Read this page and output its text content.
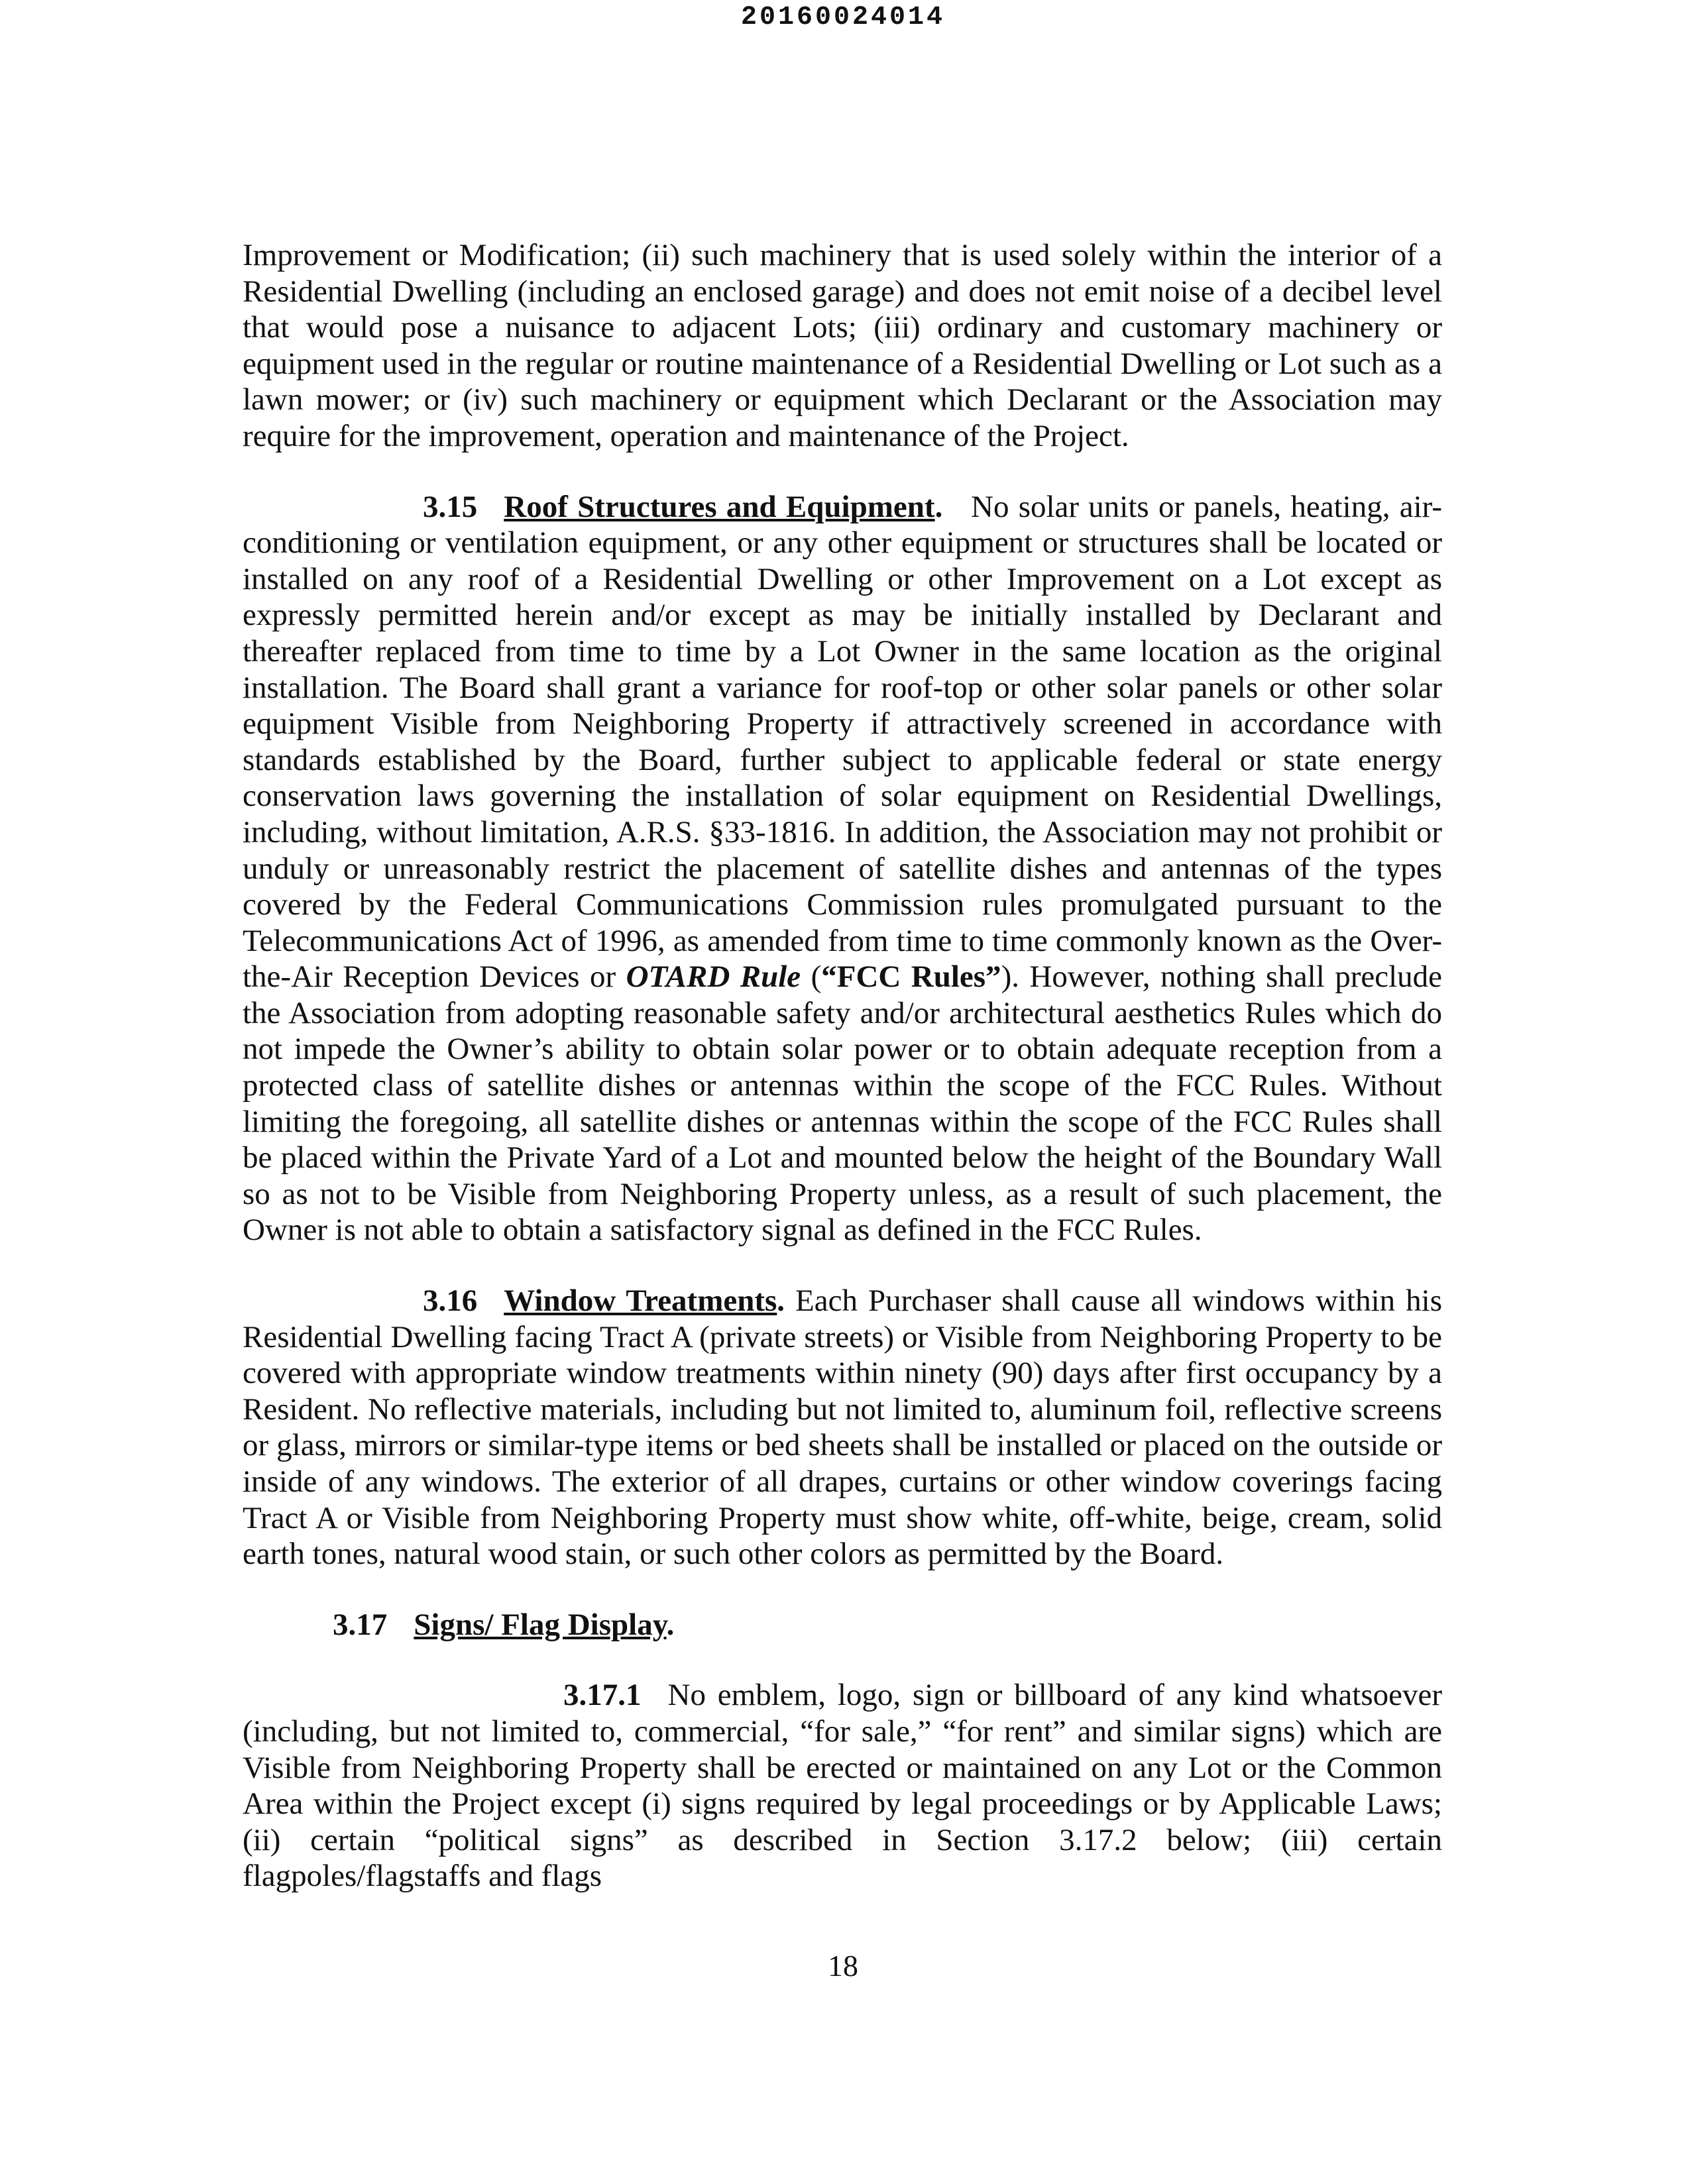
20160024014

Improvement or Modification; (ii) such machinery that is used solely within the interior of a Residential Dwelling (including an enclosed garage) and does not emit noise of a decibel level that would pose a nuisance to adjacent Lots; (iii) ordinary and customary machinery or equipment used in the regular or routine maintenance of a Residential Dwelling or Lot such as a lawn mower; or (iv) such machinery or equipment which Declarant or the Association may require for the improvement, operation and maintenance of the Project.

3.15 Roof Structures and Equipment. No solar units or panels, heating, air-conditioning or ventilation equipment, or any other equipment or structures shall be located or installed on any roof of a Residential Dwelling or other Improvement on a Lot except as expressly permitted herein and/or except as may be initially installed by Declarant and thereafter replaced from time to time by a Lot Owner in the same location as the original installation. The Board shall grant a variance for roof-top or other solar panels or other solar equipment Visible from Neighboring Property if attractively screened in accordance with standards established by the Board, further subject to applicable federal or state energy conservation laws governing the installation of solar equipment on Residential Dwellings, including, without limitation, A.R.S. §33-1816. In addition, the Association may not prohibit or unduly or unreasonably restrict the placement of satellite dishes and antennas of the types covered by the Federal Communications Commission rules promulgated pursuant to the Telecommunications Act of 1996, as amended from time to time commonly known as the Over-the-Air Reception Devices or OTARD Rule (“FCC Rules”). However, nothing shall preclude the Association from adopting reasonable safety and/or architectural aesthetics Rules which do not impede the Owner’s ability to obtain solar power or to obtain adequate reception from a protected class of satellite dishes or antennas within the scope of the FCC Rules. Without limiting the foregoing, all satellite dishes or antennas within the scope of the FCC Rules shall be placed within the Private Yard of a Lot and mounted below the height of the Boundary Wall so as not to be Visible from Neighboring Property unless, as a result of such placement, the Owner is not able to obtain a satisfactory signal as defined in the FCC Rules.

3.16 Window Treatments. Each Purchaser shall cause all windows within his Residential Dwelling facing Tract A (private streets) or Visible from Neighboring Property to be covered with appropriate window treatments within ninety (90) days after first occupancy by a Resident. No reflective materials, including but not limited to, aluminum foil, reflective screens or glass, mirrors or similar-type items or bed sheets shall be installed or placed on the outside or inside of any windows. The exterior of all drapes, curtains or other window coverings facing Tract A or Visible from Neighboring Property must show white, off-white, beige, cream, solid earth tones, natural wood stain, or such other colors as permitted by the Board.

3.17 Signs/ Flag Display.

3.17.1 No emblem, logo, sign or billboard of any kind whatsoever (including, but not limited to, commercial, “for sale,” “for rent” and similar signs) which are Visible from Neighboring Property shall be erected or maintained on any Lot or the Common Area within the Project except (i) signs required by legal proceedings or by Applicable Laws; (ii) certain “political signs” as described in Section 3.17.2 below; (iii) certain flagpoles/flagstaffs and flags

18
